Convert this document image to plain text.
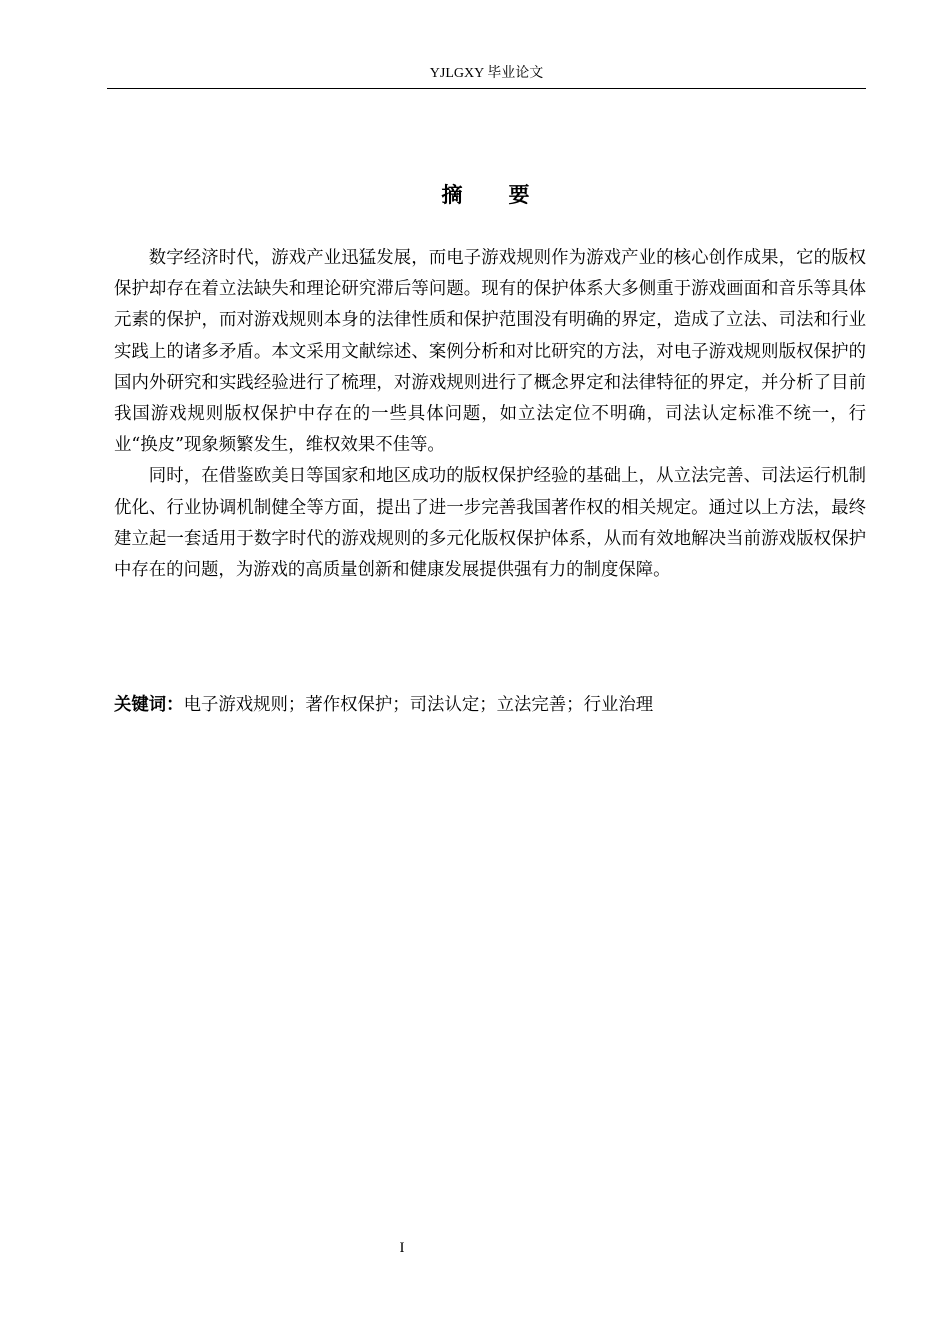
YJLGXY 毕业论文
摘 要

数字经济时代，游戏产业迅猛发展，而电子游戏规则作为游戏产业的核心创作成果，它的版权保护却存在着立法缺失和理论研究滞后等问题。现有的保护体系大多侧重于游戏画面和音乐等具体元素的保护，而对游戏规则本身的法律性质和保护范围没有明确的界定，造成了立法、司法和行业实践上的诸多矛盾。本文采用文献综述、案例分析和对比研究的方法，对电子游戏规则版权保护的国内外研究和实践经验进行了梳理，对游戏规则进行了概念界定和法律特征的界定，并分析了目前我国游戏规则版权保护中存在的一些具体问题，如立法定位不明确，司法认定标准不统一，行业“换皮”现象频繁发生，维权效果不佳等。

同时，在借鉴欧美日等国家和地区成功的版权保护经验的基础上，从立法完善、司法运行机制优化、行业协调机制健全等方面，提出了进一步完善我国著作权的相关规定。通过以上方法，最终建立起一套适用于数字时代的游戏规则的多元化版权保护体系，从而有效地解决当前游戏版权保护中存在的问题，为游戏的高质量创新和健康发展提供强有力的制度保障。

关键词：电子游戏规则；著作权保护；司法认定；立法完善；行业治理
I
